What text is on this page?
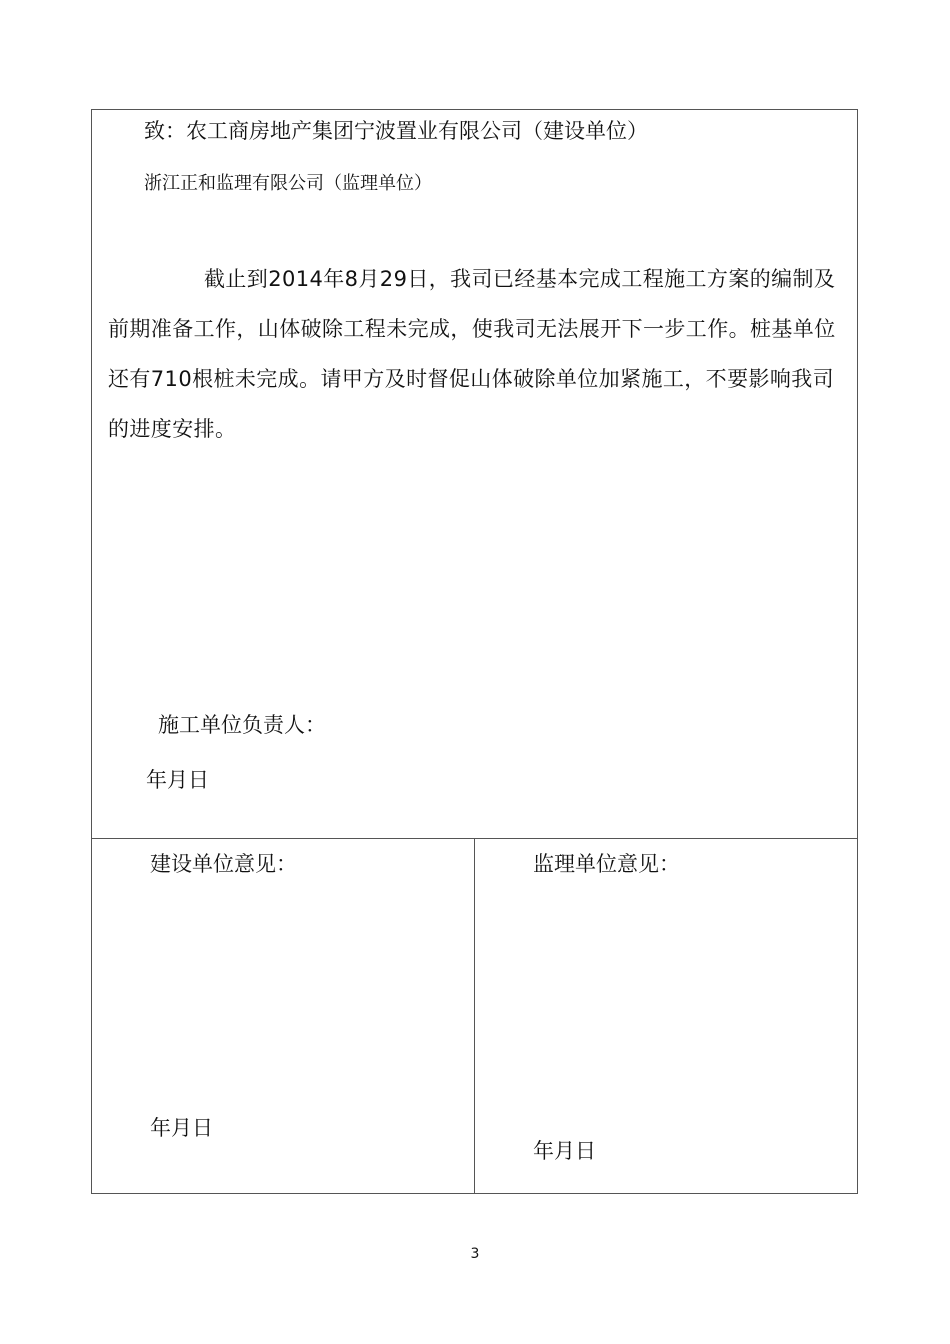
致：农工商房地产集团宁波置业有限公司（建设单位）
浙江正和监理有限公司（监理单位）
截止到2014年8月29日，我司已经基本完成工程施工方案的编制及前期准备工作，山体破除工程未完成，使我司无法展开下一步工作。桩基单位还有710根桩未完成。请甲方及时督促山体破除单位加紧施工，不要影响我司的进度安排。
施工单位负责人：
年月日
建设单位意见：
年月日
监理单位意见：
年月日
3
